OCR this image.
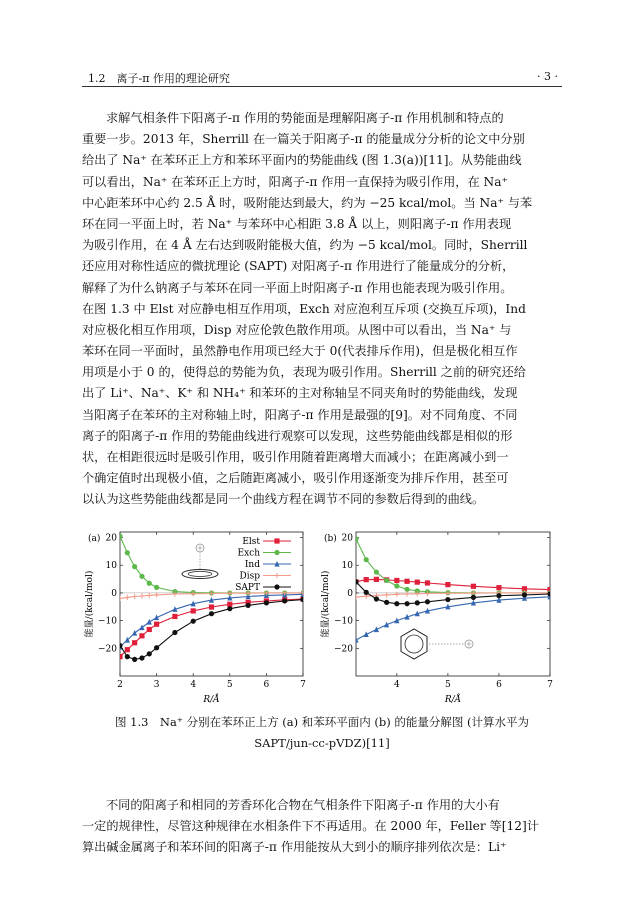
1.2　离子-π 作用的理论研究	· 3 ·
求解气相条件下阳离子-π 作用的势能面是理解阳离子-π 作用机制和特点的
重要一步。2013 年，Sherrill 在一篇关于阳离子-π 的能量成分分析的论文中分别
给出了 Na⁺ 在苯环正上方和苯环平面内的势能曲线 (图 1.3(a))[11]。从势能曲线
可以看出，Na⁺ 在苯环正上方时，阳离子-π 作用一直保持为吸引作用，在 Na⁺
中心距苯环中心约 2.5 Å 时，吸附能达到最大，约为 −25 kcal/mol。当 Na⁺ 与苯
环在同一平面上时，若 Na⁺ 与苯环中心相距 3.8 Å 以上，则阳离子-π 作用表现
为吸引作用，在 4 Å 左右达到吸附能极大值，约为 −5 kcal/mol。同时，Sherrill
还应用对称性适应的微扰理论 (SAPT) 对阳离子-π 作用进行了能量成分的分析，
解释了为什么钠离子与苯环在同一平面上时阳离子-π 作用也能表现为吸引作用。
在图 1.3 中 Elst 对应静电相互作用项，Exch 对应泡利互斥项 (交换互斥项)，Ind
对应极化相互作用项，Disp 对应伦敦色散作用项。从图中可以看出，当 Na⁺ 与
苯环在同一平面时，虽然静电作用项已经大于 0(代表排斥作用)，但是极化相互作
用项是小于 0 的，使得总的势能为负，表现为吸引作用。Sherrill 之前的研究还给
出了 Li⁺、Na⁺、K⁺ 和 NH₄⁺ 和苯环的主对称轴呈不同夹角时的势能曲线，发现
当阳离子在苯环的主对称轴上时，阳离子-π 作用是最强的[9]。对不同角度、不同
离子的阳离子-π 作用的势能曲线进行观察可以发现，这些势能曲线都是相似的形
状，在相距很远时是吸引作用，吸引作用随着距离增大而减小；在距离减小到一
个确定值时出现极小值，之后随距离减小，吸引作用逐渐变为排斥作用，甚至可
以认为这些势能曲线都是同一个曲线方程在调节不同的参数后得到的曲线。
2	3	4	5	6	7
20
10
0
−10
−20
(a)
R/Å
能量/(kcal/mol)
Elst
Exch
Ind
Disp
SAPT
4	5	6	7
20
10
0
−10
−20
(b)
R/Å
能量/(kcal/mol)
图 1.3　Na⁺ 分别在苯环正上方 (a) 和苯环平面内 (b) 的能量分解图 (计算水平为
SAPT/jun-cc-pVDZ)[11]
不同的阳离子和相同的芳香环化合物在气相条件下阳离子-π 作用的大小有
一定的规律性，尽管这种规律在水相条件下不再适用。在 2000 年，Feller 等[12]计
算出碱金属离子和苯环间的阳离子-π 作用能按从大到小的顺序排列依次是：Li⁺
